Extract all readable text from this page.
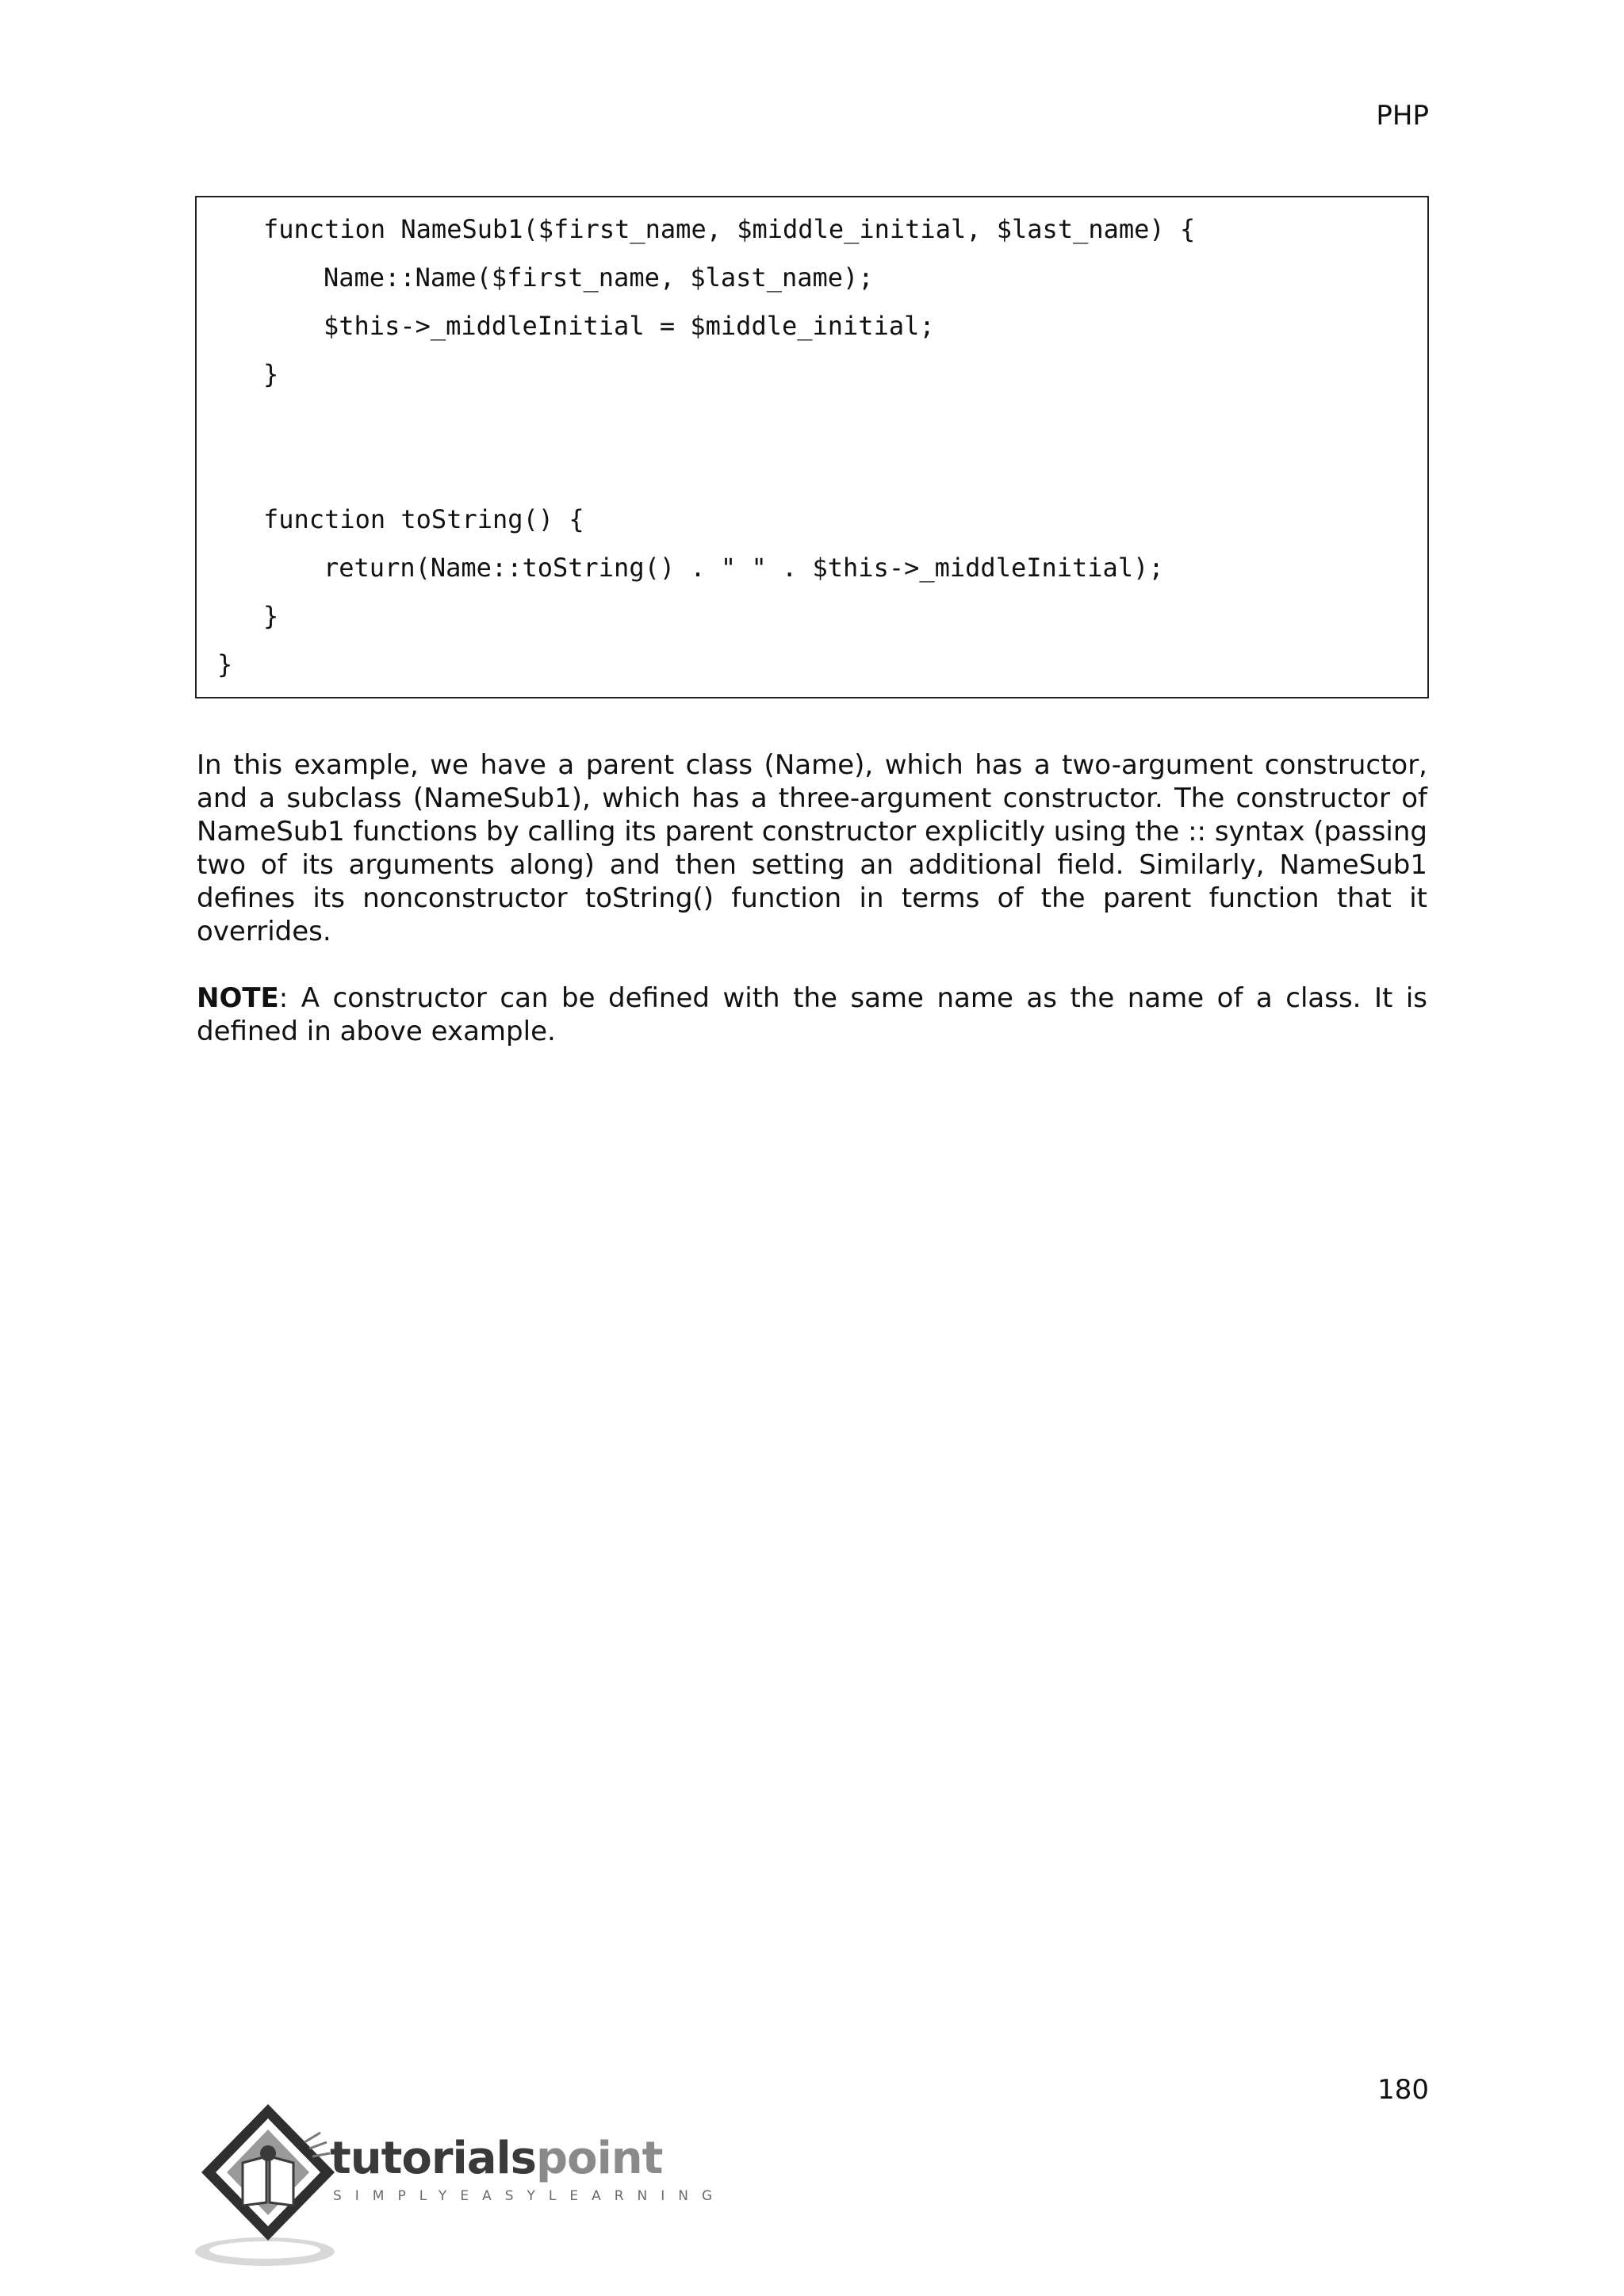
PHP
function NameSub1($first_name, $middle_initial, $last_name) {
Name::Name($first_name, $last_name);
$this->_middleInitial = $middle_initial;
}
function toString() {
return(Name::toString() . " " . $this->_middleInitial);
}
}
In this example, we have a parent class (Name), which has a two-argument constructor, and a subclass (NameSub1), which has a three-argument constructor. The constructor of NameSub1 functions by calling its parent constructor explicitly using the :: syntax (passing two of its arguments along) and then setting an additional field. Similarly, NameSub1 defines its nonconstructor toString() function in terms of the parent function that it overrides.
NOTE: A constructor can be defined with the same name as the name of a class. It is defined in above example.
180
tutorialspoint
SIMPLYEASYLEARNING
